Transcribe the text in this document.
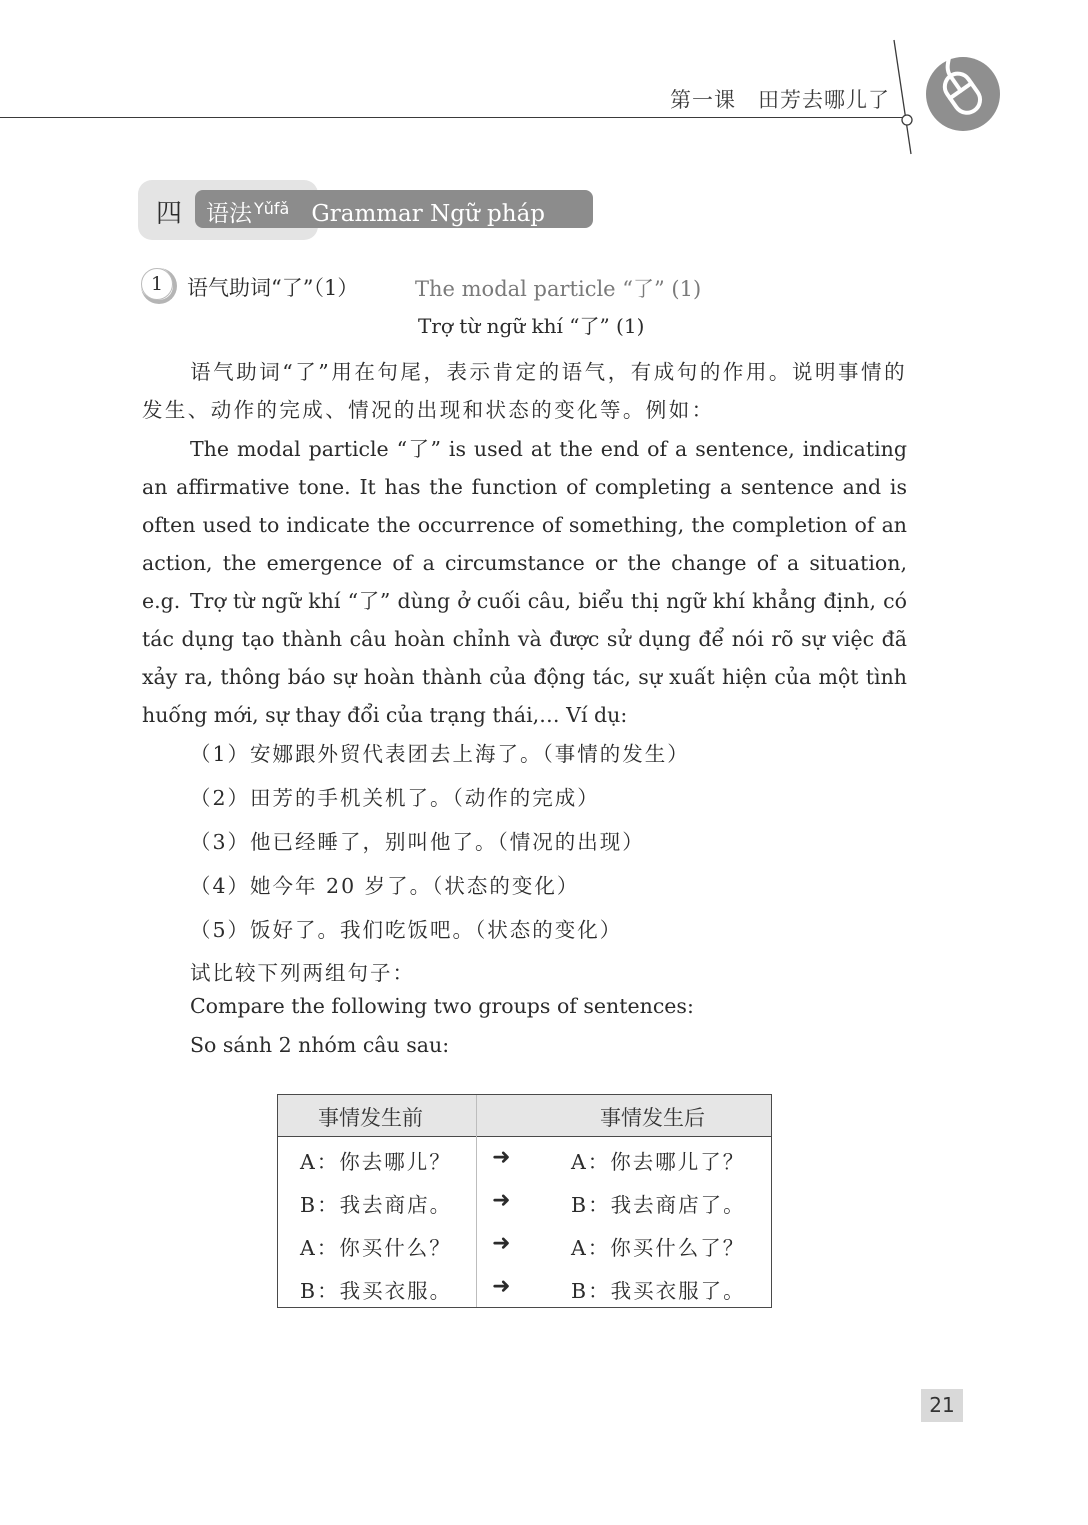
第一课 田芳去哪儿了
四 语法 $^{Yǔfǎ}$ Grammar Ngữ pháp
1	语气助词“了”（1）	The modal particle “了” (1)
Trợ từ ngữ khí “了” (1)
语气助词“了”用在句尾，表示肯定的语气，有成句的作用。说明事情的发生、动作的完成、情况的出现和状态的变化等。例如：
The modal particle “了” is used at the end of a sentence, indicating an affirmative tone. It has the function of completing a sentence and is often used to indicate the occurrence of something, the completion of an action, the emergence of a circumstance or the change of a situation, e.g. Trợ từ ngữ khí “了” dùng ở cuối câu, biểu thị ngữ khí khẳng định, có tác dụng tạo thành câu hoàn chỉnh và được sử dụng để nói rõ sự việc đã xảy ra, thông báo sự hoàn thành của động tác, sự xuất hiện của một tình huống mới, sự thay đổi của trạng thái,… Ví dụ:
（1）安娜跟外贸代表团去上海了。（事情的发生）
（2）田芳的手机关机了。（动作的完成）
（3）他已经睡了，别叫他了。（情况的出现）
（4）她今年 20 岁了。（状态的变化）
（5）饭好了。我们吃饭吧。（状态的变化）
试比较下列两组句子：
Compare the following two groups of sentences:
So sánh 2 nhóm câu sau:
事情发生前	事情发生后
A：你去哪儿？ ➜	A：你去哪儿了？
B：我去商店。 ➜	B：我去商店了。
A：你买什么？ ➜	A：你买什么了？
B：我买衣服。 ➜	B：我买衣服了。
21
